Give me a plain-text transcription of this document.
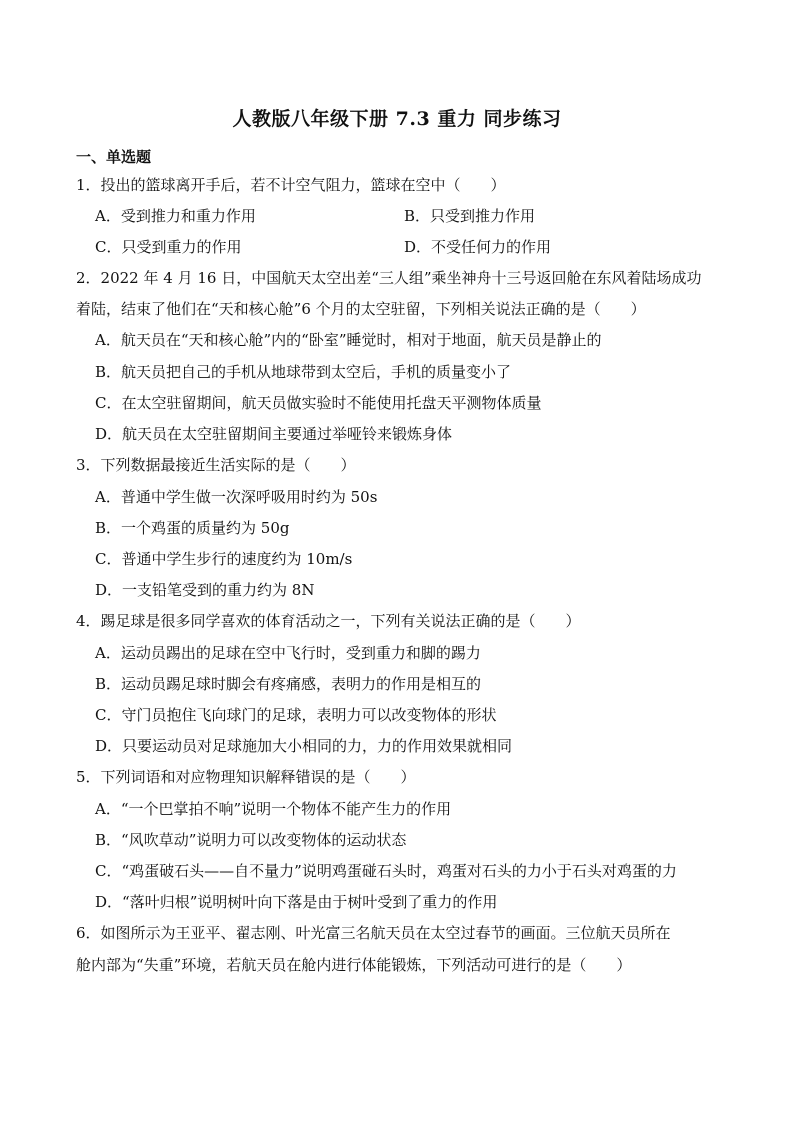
人教版八年级下册 7.3 重力 同步练习
一、单选题
1．投出的篮球离开手后，若不计空气阻力，篮球在空中（　　）
A．受到推力和重力作用	B．只受到推力作用
C．只受到重力的作用	D．不受任何力的作用
2．2022 年 4 月 16 日，中国航天太空出差“三人组”乘坐神舟十三号返回舱在东风着陆场成功
着陆，结束了他们在“天和核心舱”6 个月的太空驻留，下列相关说法正确的是（　　）
A．航天员在“天和核心舱”内的“卧室”睡觉时，相对于地面，航天员是静止的
B．航天员把自己的手机从地球带到太空后，手机的质量变小了
C．在太空驻留期间，航天员做实验时不能使用托盘天平测物体质量
D．航天员在太空驻留期间主要通过举哑铃来锻炼身体
3．下列数据最接近生活实际的是（　　）
A．普通中学生做一次深呼吸用时约为 50s
B．一个鸡蛋的质量约为 50g
C．普通中学生步行的速度约为 10m/s
D．一支铅笔受到的重力约为 8N
4．踢足球是很多同学喜欢的体育活动之一，下列有关说法正确的是（　　）
A．运动员踢出的足球在空中飞行时，受到重力和脚的踢力
B．运动员踢足球时脚会有疼痛感，表明力的作用是相互的
C．守门员抱住飞向球门的足球，表明力可以改变物体的形状
D．只要运动员对足球施加大小相同的力，力的作用效果就相同
5．下列词语和对应物理知识解释错误的是（　　）
A．“一个巴掌拍不响”说明一个物体不能产生力的作用
B．“风吹草动”说明力可以改变物体的运动状态
C．“鸡蛋破石头——自不量力”说明鸡蛋碰石头时，鸡蛋对石头的力小于石头对鸡蛋的力
D．“落叶归根”说明树叶向下落是由于树叶受到了重力的作用
6．如图所示为王亚平、翟志刚、叶光富三名航天员在太空过春节的画面。三位航天员所在
舱内部为“失重”环境，若航天员在舱内进行体能锻炼，下列活动可进行的是（　　）
